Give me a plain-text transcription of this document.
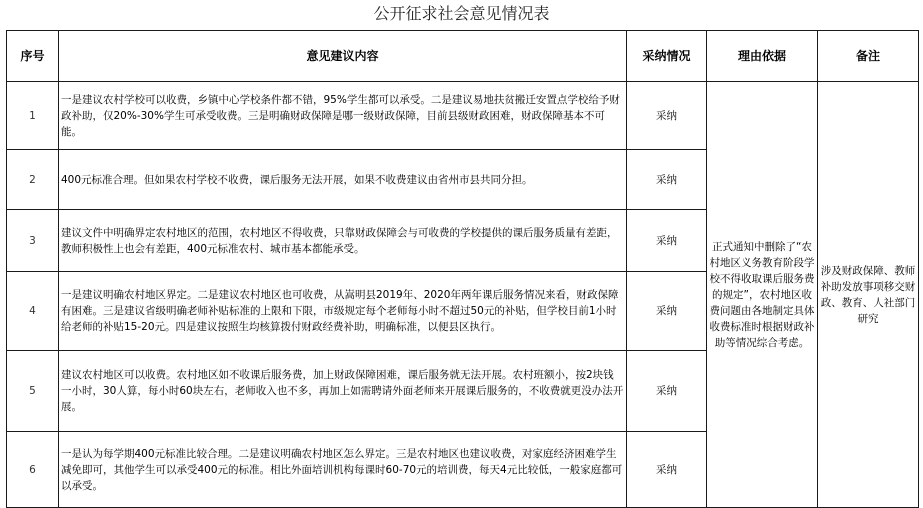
公开征求社会意见情况表
序号	意见建议内容	采纳情况	理由依据	备注
1	一是建议农村学校可以收费，乡镇中心学校条件都不错，95%学生都可以承受。二是建议易地扶贫搬迁安置点学校给予财政补助，仅20%-30%学生可承受收费。三是明确财政保障是哪一级财政保障，目前县级财政困难，财政保障基本不可能。	采纳	正式通知中删除了“农村地区义务教育阶段学校不得收取课后服务费的规定”，农村地区收费问题由各地制定具体收费标准时根据财政补助等情况综合考虑。	涉及财政保障、教师补助发放事项移交财政、教育、人社部门研究
2	400元标准合理。但如果农村学校不收费，课后服务无法开展，如果不收费建议由省州市县共同分担。	采纳		
3	建议文件中明确界定农村地区的范围，农村地区不得收费，只靠财政保障会与可收费的学校提供的课后服务质量有差距，教师积极性上也会有差距，400元标准农村、城市基本都能承受。	采纳		
4	一是建议明确农村地区界定。二是建议农村地区也可收费，从嵩明县2019年、2020年两年课后服务情况来看，财政保障有困难。三是建议省级明确老师补贴标准的上限和下限，市级规定每个老师每小时不超过50元的补贴，但学校目前1小时给老师的补贴15-20元。四是建议按照生均核算拨付财政经费补助，明确标准，以便县区执行。	采纳		
5	建议农村地区可以收费。农村地区如不收课后服务费，加上财政保障困难，课后服务就无法开展。农村班额小，按2块钱一小时，30人算，每小时60块左右，老师收入也不多，再加上如需聘请外面老师来开展课后服务的，不收费就更没办法开展。	采纳		
6	一是认为每学期400元标准比较合理。二是建议明确农村地区怎么界定。三是农村地区也建议收费，对家庭经济困难学生减免即可，其他学生可以承受400元的标准。相比外面培训机构每课时60-70元的培训费，每天4元比较低，一般家庭都可以承受。	采纳		
